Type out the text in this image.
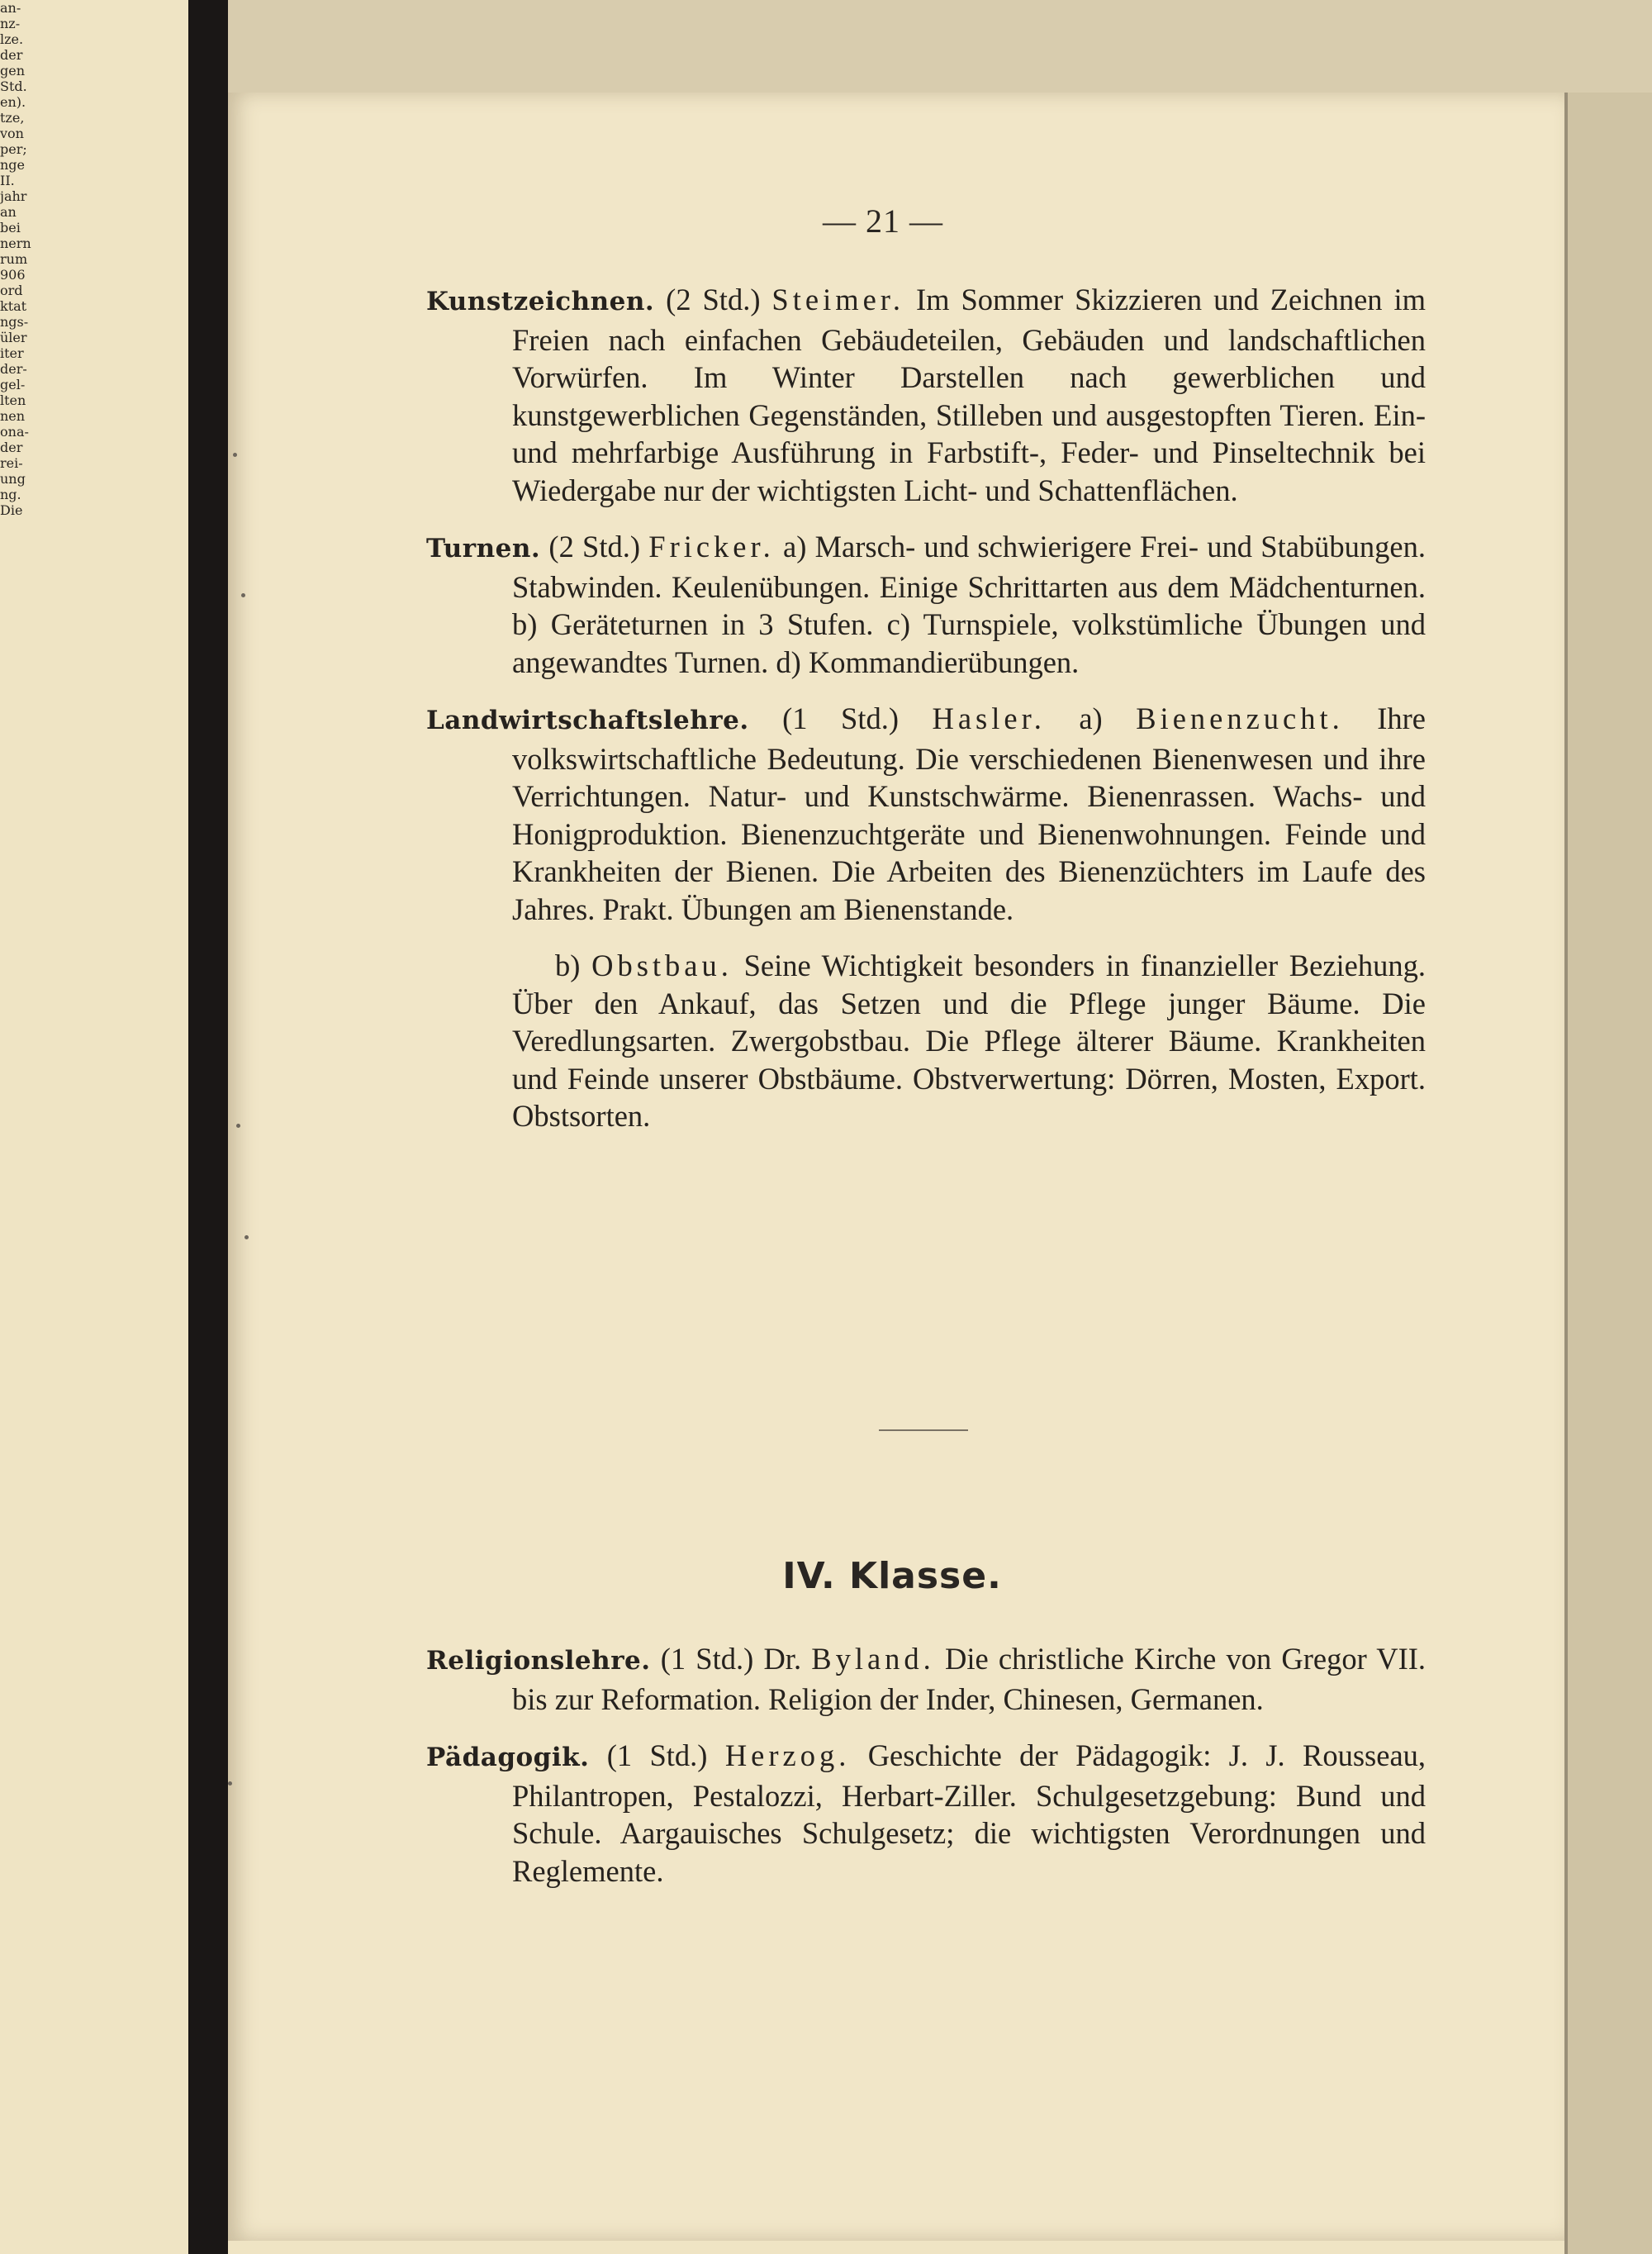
an-
nz-
lze.
der
gen
Std.
en).
tze,
von
per;
nge
II.
jahr
an
bei
nern
rum
906
ord
ktat
ngs-
üler
iter
der-
gel-
lten
nen
ona-
der
rei-
ung
ng.
Die
— 21 —

Kunstzeichnen. (2 Std.) Steimer. Im Sommer Skizzieren und Zeichnen im Freien nach einfachen Gebäudeteilen, Gebäuden und landschaftlichen Vorwürfen. Im Winter Darstellen nach gewerblichen und kunstgewerblichen Gegenständen, Stilleben und ausgestopften Tieren. Ein- und mehrfarbige Ausführung in Farbstift-, Feder- und Pinseltechnik bei Wiedergabe nur der wichtigsten Licht- und Schattenflächen.

Turnen. (2 Std.) Fricker. a) Marsch- und schwierigere Frei- und Stabübungen. Stabwinden. Keulenübungen. Einige Schrittarten aus dem Mädchenturnen. b) Geräteturnen in 3 Stufen. c) Turnspiele, volkstümliche Übungen und angewandtes Turnen. d) Kommandierübungen.

Landwirtschaftslehre. (1 Std.) Hasler. a) Bienenzucht. Ihre volkswirtschaftliche Bedeutung. Die verschiedenen Bienenwesen und ihre Verrichtungen. Natur- und Kunstschwärme. Bienenrassen. Wachs- und Honigproduktion. Bienenzuchtgeräte und Bienenwohnungen. Feinde und Krankheiten der Bienen. Die Arbeiten des Bienenzüchters im Laufe des Jahres. Prakt. Übungen am Bienenstande.

b) Obstbau. Seine Wichtigkeit besonders in finanzieller Beziehung. Über den Ankauf, das Setzen und die Pflege junger Bäume. Die Veredlungsarten. Zwergobstbau. Die Pflege älterer Bäume. Krankheiten und Feinde unserer Obstbäume. Obstverwertung: Dörren, Mosten, Export. Obstsorten.

IV. Klasse.

Religionslehre. (1 Std.) Dr. Byland. Die christliche Kirche von Gregor VII. bis zur Reformation. Religion der Inder, Chinesen, Germanen.

Pädagogik. (1 Std.) Herzog. Geschichte der Pädagogik: J. J. Rousseau, Philantropen, Pestalozzi, Herbart-Ziller. Schulgesetzgebung: Bund und Schule. Aargauisches Schulgesetz; die wichtigsten Verordnungen und Reglemente.
